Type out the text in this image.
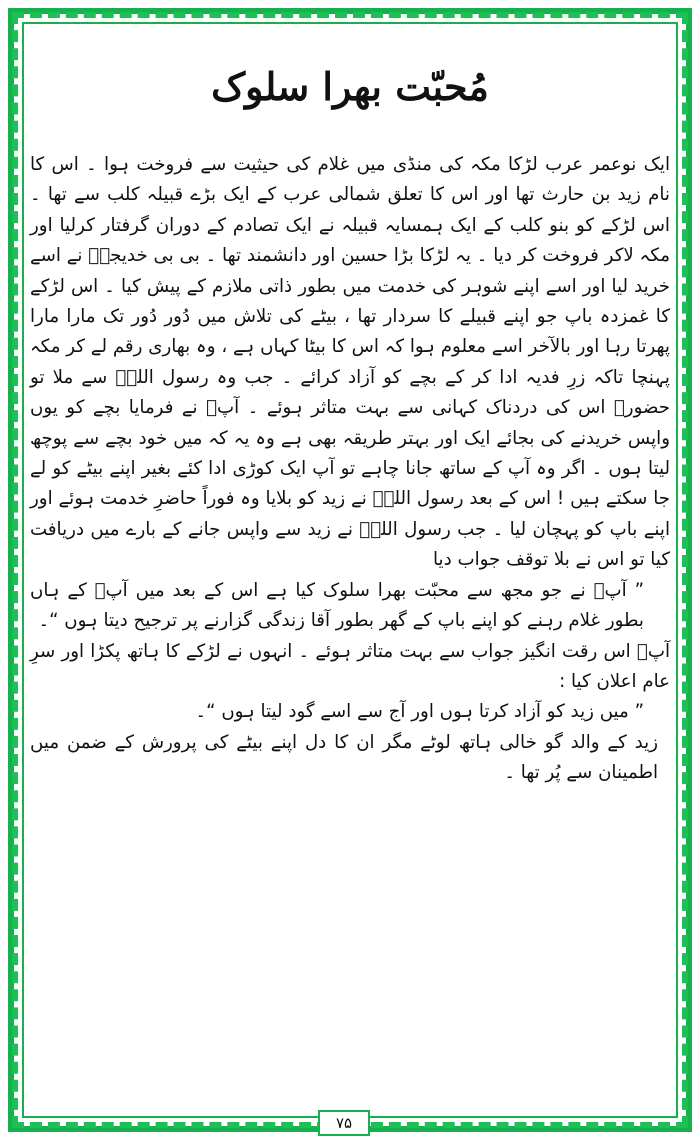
مُحبّت بھرا سلوک

ایک نوعمر عرب لڑکا مکہ کی منڈی میں غلام کی حیثیت سے فروخت ہوا ۔ اس کا نام زید بن حارث تھا اور اس کا تعلق شمالی عرب کے ایک بڑے قبیلہ کلب سے تھا ۔ اس لڑکے کو بنو کلب کے ایک ہمسایہ قبیلہ نے ایک تصادم کے دوران گرفتار کرلیا اور مکہ لاکر فروخت کر دیا ۔ یہ لڑکا بڑا حسین اور دانشمند تھا ۔ بی بی خدیجہؓ نے اسے خرید لیا اور اسے اپنے شوہر کی خدمت میں بطور ذاتی ملازم کے پیش کیا ۔ اس لڑکے کا غمزدہ باپ جو اپنے قبیلے کا سردار تھا ، بیٹے کی تلاش میں دُور دُور تک مارا مارا پھرتا رہا اور بالآخر اسے معلوم ہوا کہ اس کا بیٹا کہاں ہے ، وہ بھاری رقم لے کر مکہ پہنچا تاکہ زرِ فدیہ ادا کر کے بچے کو آزاد کرائے ۔ جب وہ رسول اللہؐ سے ملا تو حضورؐ اس کی دردناک کہانی سے بہت متاثر ہوئے ۔ آپؐ نے فرمایا بچے کو یوں واپس خریدنے کی بجائے ایک اور بہتر طریقہ بھی ہے وہ یہ کہ میں خود بچے سے پوچھ لیتا ہوں ۔ اگر وہ آپ کے ساتھ جانا چاہے تو آپ ایک کوڑی ادا کئے بغیر اپنے بیٹے کو لے جا سکتے ہیں ! اس کے بعد رسول اللہؐ نے زید کو بلایا وہ فوراً حاضرِ خدمت ہوئے اور اپنے باپ کو پہچان لیا ۔ جب رسول اللہؐ نے زید سے واپس جانے کے بارے میں دریافت کیا تو اس نے بلا توقف جواب دیا

” آپؐ نے جو مجھ سے محبّت بھرا سلوک کیا ہے اس کے بعد میں آپؐ کے ہاں بطور غلام رہنے کو اپنے باپ کے گھر بطور آقا زندگی گزارنے پر ترجیح دیتا ہوں “۔

آپؐ اس رقت انگیز جواب سے بہت متاثر ہوئے ۔ انہوں نے لڑکے کا ہاتھ پکڑا اور سرِ عام اعلان کیا :

” میں زید کو آزاد کرتا ہوں اور آج سے اسے گود لیتا ہوں “۔

زید کے والد گو خالی ہاتھ لوٹے مگر ان کا دل اپنے بیٹے کی پرورش کے ضمن میں اطمینان سے پُر تھا ۔

۷۵
